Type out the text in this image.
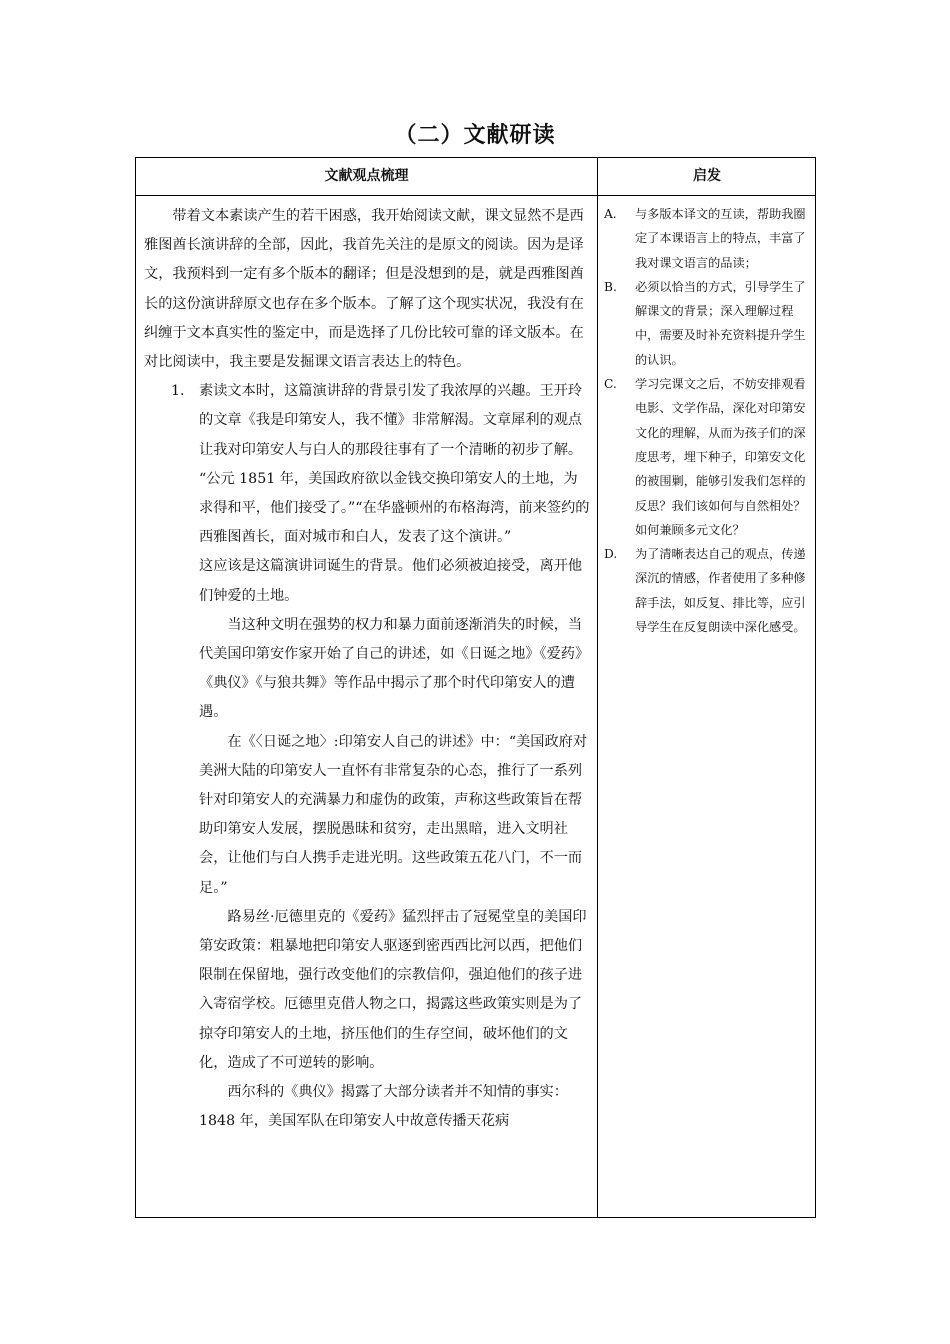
（二）文献研读
文献观点梳理	启发

带着文本素读产生的若干困惑，我开始阅读文献，课文显然不是西雅图酋长演讲辞的全部，因此，我首先关注的是原文的阅读。因为是译文，我预料到一定有多个版本的翻译；但是没想到的是，就是西雅图酋长的这份演讲辞原文也存在多个版本。了解了这个现实状况，我没有在纠缠于文本真实性的鉴定中，而是选择了几份比较可靠的译文版本。在对比阅读中，我主要是发掘课文语言表达上的特色。

1. 素读文本时，这篇演讲辞的背景引发了我浓厚的兴趣。王开玲的文章《我是印第安人，我不懂》非常解渴。文章犀利的观点让我对印第安人与白人的那段往事有了一个清晰的初步了解。

“公元 1851 年，美国政府欲以金钱交换印第安人的土地，为求得和平，他们接受了。”“在华盛顿州的布格海湾，前来签约的西雅图酋长，面对城市和白人，发表了这个演讲。”

这应该是这篇演讲词诞生的背景。他们必须被迫接受，离开他们钟爱的土地。

当这种文明在强势的权力和暴力面前逐渐消失的时候，当代美国印第安作家开始了自己的讲述，如《日诞之地》《爱药》《典仪》《与狼共舞》等作品中揭示了那个时代印第安人的遭遇。

在《〈日诞之地〉:印第安人自己的讲述》中：“美国政府对美洲大陆的印第安人一直怀有非常复杂的心态，推行了一系列针对印第安人的充满暴力和虚伪的政策，声称这些政策旨在帮助印第安人发展，摆脱愚昧和贫穷，走出黑暗，进入文明社会，让他们与白人携手走进光明。这些政策五花八门，不一而足。”

路易丝·厄德里克的《爱药》猛烈抨击了冠冕堂皇的美国印第安政策：粗暴地把印第安人驱逐到密西西比河以西，把他们限制在保留地，强行改变他们的宗教信仰，强迫他们的孩子进入寄宿学校。厄德里克借人物之口，揭露这些政策实则是为了掠夺印第安人的土地，挤压他们的生存空间，破坏他们的文化，造成了不可逆转的影响。

西尔科的《典仪》揭露了大部分读者并不知情的事实：1848 年，美国军队在印第安人中故意传播天花病

A. 与多版本译文的互读，帮助我圈定了本课语言上的特点，丰富了我对课文语言的品读；
B. 必须以恰当的方式，引导学生了解课文的背景；深入理解过程中，需要及时补充资料提升学生的认识。
C. 学习完课文之后，不妨安排观看电影、文学作品，深化对印第安文化的理解，从而为孩子们的深度思考，埋下种子，印第安文化的被围剿，能够引发我们怎样的反思？我们该如何与自然相处？如何兼顾多元文化？
D. 为了清晰表达自己的观点，传递深沉的情感，作者使用了多种修辞手法，如反复、排比等，应引导学生在反复朗读中深化感受。
